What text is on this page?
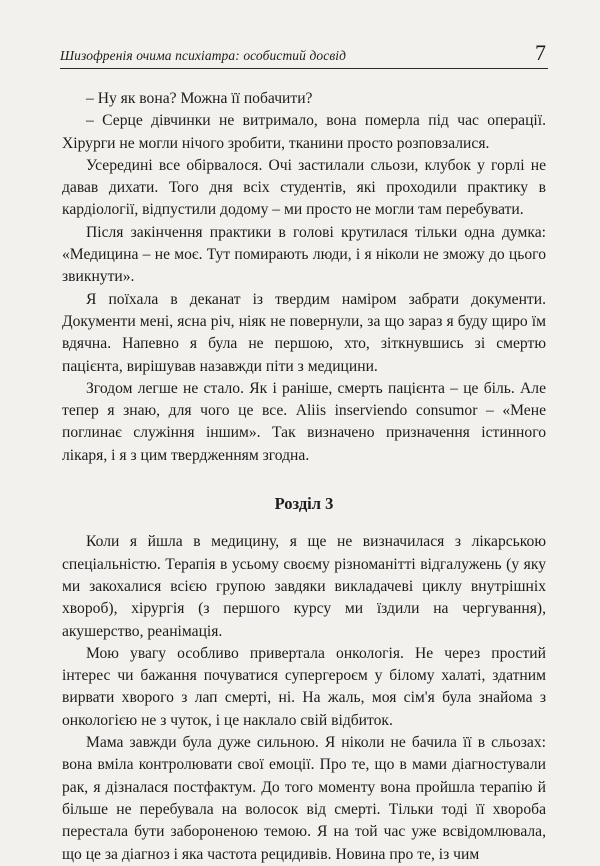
Шизофренія очима психіатра: особистий досвід	7

– Ну як вона? Можна її побачити?

– Серце дівчинки не витримало, вона померла під час операції. Хірурги не могли нічого зробити, тканини просто розповзалися.

Усередині все обірвалося. Очі застилали сльози, клубок у горлі не давав дихати. Того дня всіх студентів, які проходили практику в кардіології, відпустили додому – ми просто не могли там перебувати.

Після закінчення практики в голові крутилася тільки одна думка: «Медицина – не моє. Тут помирають люди, і я ніколи не зможу до цього звикнути».

Я поїхала в деканат із твердим наміром забрати документи. Документи мені, ясна річ, ніяк не повернули, за що зараз я буду щиро їм вдячна. Напевно я була не першою, хто, зіткнувшись зі смертю пацієнта, вирішував назавжди піти з медицини.

Згодом легше не стало. Як і раніше, смерть пацієнта – це біль. Але тепер я знаю, для чого це все. Aliis inserviendo consumor – «Мене поглинає служіння іншим». Так визначено призначення істинного лікаря, і я з цим твердженням згодна.

Розділ 3

Коли я йшла в медицину, я ще не визначилася з лікарською спеціальністю. Терапія в усьому своєму різноманітті відгалужень (у яку ми закохалися всією групою завдяки викладачеві циклу внутрішніх хвороб), хірургія (з першого курсу ми їздили на чергування), акушерство, реанімація.

Мою увагу особливо привертала онкологія. Не через простий інтерес чи бажання почуватися супергероєм у білому халаті, здатним вирвати хворого з лап смерті, ні. На жаль, моя сім'я була знайома з онкологією не з чуток, і це наклало свій відбиток.

Мама завжди була дуже сильною. Я ніколи не бачила її в сльозах: вона вміла контролювати свої емоції. Про те, що в мами діагностували рак, я дізналася постфактум. До того моменту вона пройшла терапію й більше не перебувала на волосок від смерті. Тільки тоді її хвороба перестала бути забороненою темою. Я на той час уже всвідомлювала, що це за діагноз і яка частота рецидивів. Новина про те, із чим
